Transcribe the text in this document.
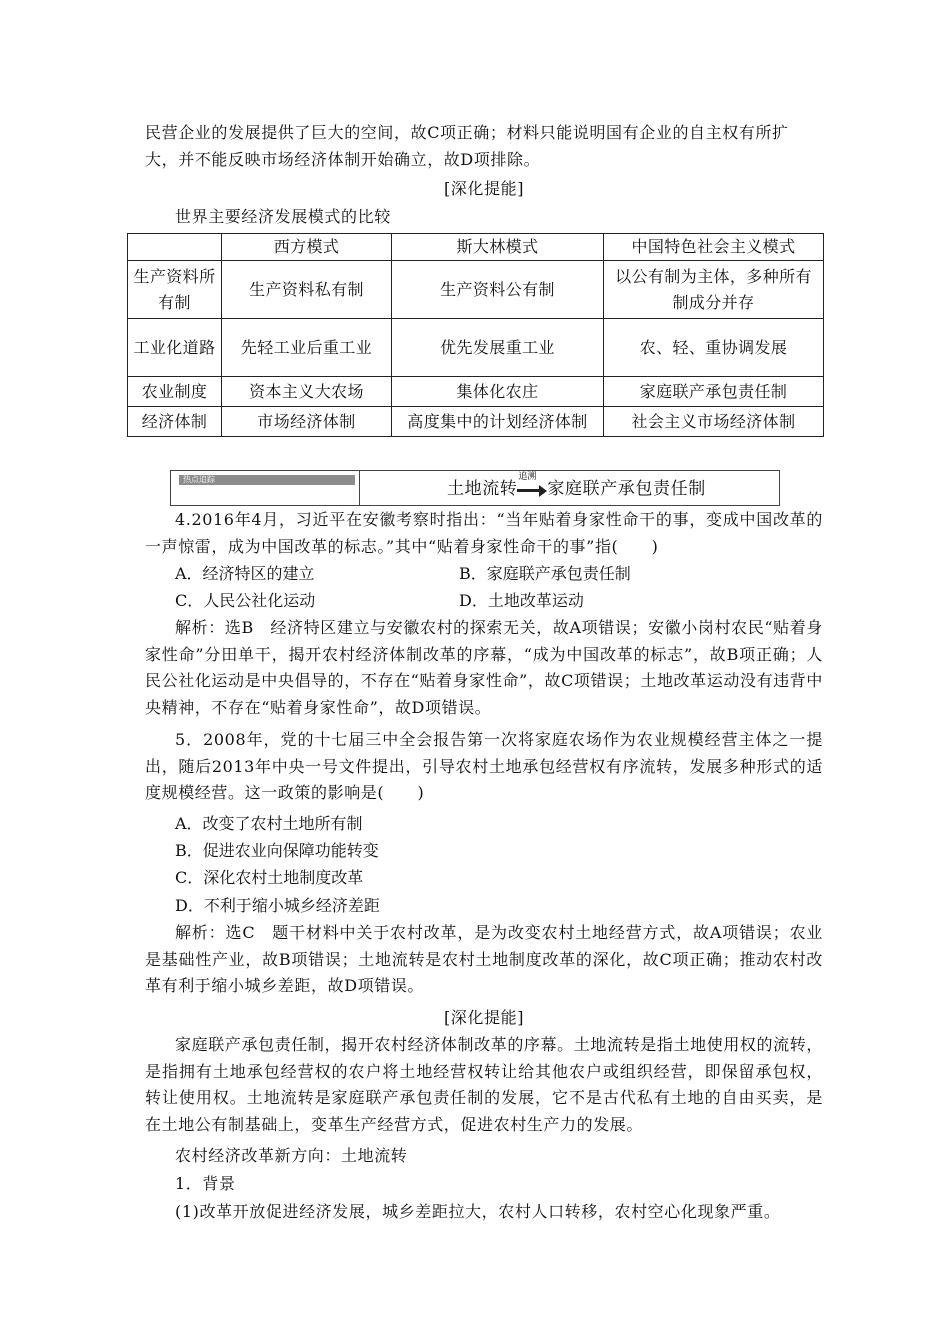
民营企业的发展提供了巨大的空间，故C项正确；材料只能说明国有企业的自主权有所扩

大，并不能反映市场经济体制开始确立，故D项排除。

[深化提能]

世界主要经济发展模式的比较

	西方模式	斯大林模式	中国特色社会主义模式
生产资料所有制	生产资料私有制	生产资料公有制	以公有制为主体，多种所有制成分并存
工业化道路	先轻工业后重工业	优先发展重工业	农、轻、重协调发展
农业制度	资本主义大农场	集体化农庄	家庭联产承包责任制
经济体制	市场经济体制	高度集中的计划经济体制	社会主义市场经济体制
热点追踪	土地流转
追溯
家庭联产承包责任制

4.2016年4月，习近平在安徽考察时指出：“当年贴着身家性命干的事，变成中国改革的一声惊雷，成为中国改革的标志。”其中“贴着身家性命干的事”指(　　)

A．经济特区的建立	B．家庭联产承包责任制
C．人民公社化运动	D．土地改革运动

解析：选B　经济特区建立与安徽农村的探索无关，故A项错误；安徽小岗村农民“贴着身家性命”分田单干，揭开农村经济体制改革的序幕，“成为中国改革的标志”，故B项正确；人民公社化运动是中央倡导的，不存在“贴着身家性命”，故C项错误；土地改革运动没有违背中央精神，不存在“贴着身家性命”，故D项错误。

5．2008年，党的十七届三中全会报告第一次将家庭农场作为农业规模经营主体之一提出，随后2013年中央一号文件提出，引导农村土地承包经营权有序流转，发展多种形式的适度规模经营。这一政策的影响是(　　)

A．改变了农村土地所有制
B．促进农业向保障功能转变
C．深化农村土地制度改革
D．不利于缩小城乡经济差距

解析：选C　题干材料中关于农村改革，是为改变农村土地经营方式，故A项错误；农业是基础性产业，故B项错误；土地流转是农村土地制度改革的深化，故C项正确；推动农村改革有利于缩小城乡差距，故D项错误。

[深化提能]

家庭联产承包责任制，揭开农村经济体制改革的序幕。土地流转是指土地使用权的流转，是指拥有土地承包经营权的农户将土地经营权转让给其他农户或组织经营，即保留承包权，转让使用权。土地流转是家庭联产承包责任制的发展，它不是古代私有土地的自由买卖，是在土地公有制基础上，变革生产经营方式，促进农村生产力的发展。

农村经济改革新方向：土地流转

1．背景

(1)改革开放促进经济发展，城乡差距拉大，农村人口转移，农村空心化现象严重。
